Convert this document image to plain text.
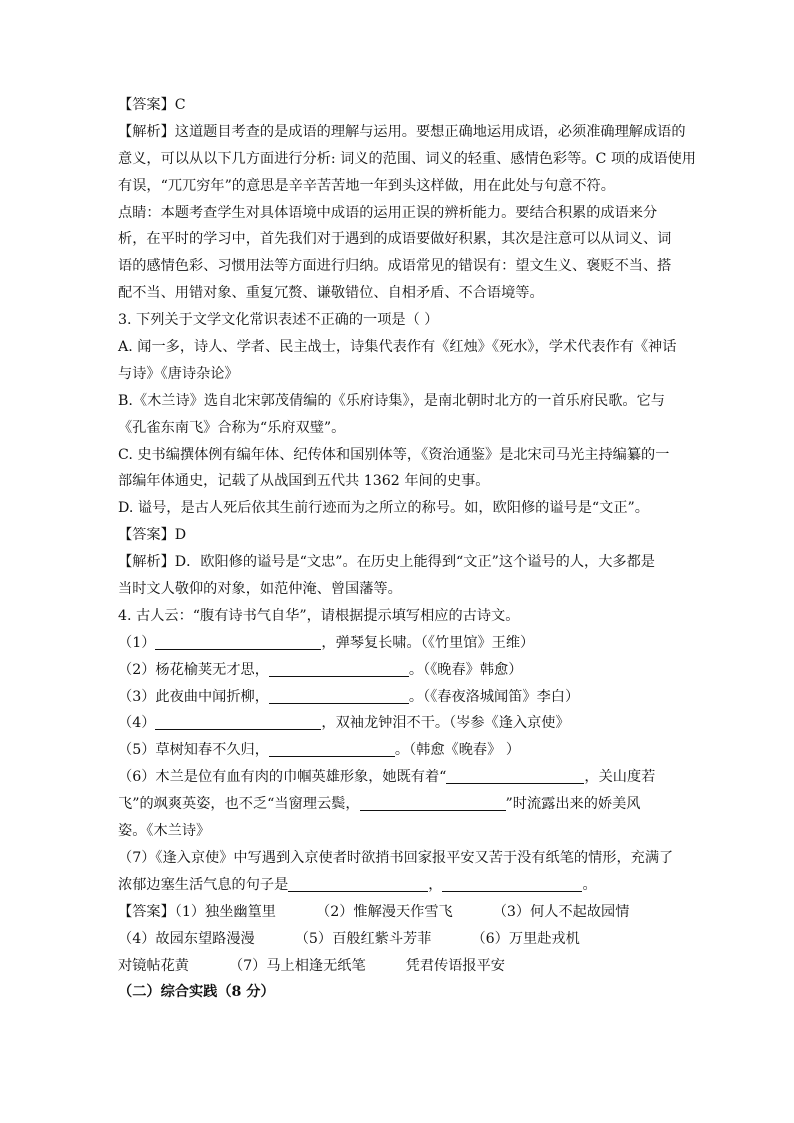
【答案】C
【解析】这道题目考查的是成语的理解与运用。要想正确地运用成语，必须准确理解成语的
意义，可以从以下几方面进行分析: 词义的范围、词义的轻重、感情色彩等。C 项的成语使用
有误，“兀兀穷年”的意思是辛辛苦苦地一年到头这样做，用在此处与句意不符。
点睛：本题考查学生对具体语境中成语的运用正误的辨析能力。要结合积累的成语来分
析，在平时的学习中，首先我们对于遇到的成语要做好积累，其次是注意可以从词义、词
语的感情色彩、习惯用法等方面进行归纳。成语常见的错误有：望文生义、褒贬不当、搭
配不当、用错对象、重复冗赘、谦敬错位、自相矛盾、不合语境等。
3. 下列关于文学文化常识表述不正确的一项是（ ）
A. 闻一多，诗人、学者、民主战士，诗集代表作有《红烛》《死水》，学术代表作有《神话
与诗》《唐诗杂论》
B.《木兰诗》选自北宋郭茂倩编的《乐府诗集》，是南北朝时北方的一首乐府民歌。它与
《孔雀东南飞》合称为“乐府双璧”。
C. 史书编撰体例有编年体、纪传体和国别体等，《资治通鉴》是北宋司马光主持编纂的一
部编年体通史，记载了从战国到五代共 1362 年间的史事。
D. 谥号，是古人死后依其生前行迹而为之所立的称号。如，欧阳修的谥号是“文正”。
【答案】D
【解析】D．欧阳修的谥号是“文忠”。在历史上能得到“文正”这个谥号的人，大多都是
当时文人敬仰的对象，如范仲淹、曾国藩等。
4. 古人云：“腹有诗书气自华”，请根据提示填写相应的古诗文。
（1）	，弹琴复长啸。（《竹里馆》王维）
（2）杨花榆荚无才思，	。（《晚春》韩愈）
（3）此夜曲中闻折柳，	。（《春夜洛城闻笛》李白）
（4）	，双袖龙钟泪不干。（岑参《逢入京使》
（5）草树知春不久归，	。（韩愈《晚春》 ）
（6）木兰是位有血有肉的巾帼英雄形象，她既有着“	，关山度若
飞”的飒爽英姿，也不乏“当窗理云鬓，	”时流露出来的娇美风
姿。《木兰诗》
（7）《逢入京使》中写遇到入京使者时欲捎书回家报平安又苦于没有纸笔的情形，充满了
浓郁边塞生活气息的句子是	，	。
【答案】（1）独坐幽篁里	（2）惟解漫天作雪飞	（3）何人不起故园情
（4）故园东望路漫漫	（5）百般红紫斗芳菲	（6）万里赴戎机
对镜帖花黄	（7）马上相逢无纸笔	凭君传语报平安
（二）综合实践（8 分）
